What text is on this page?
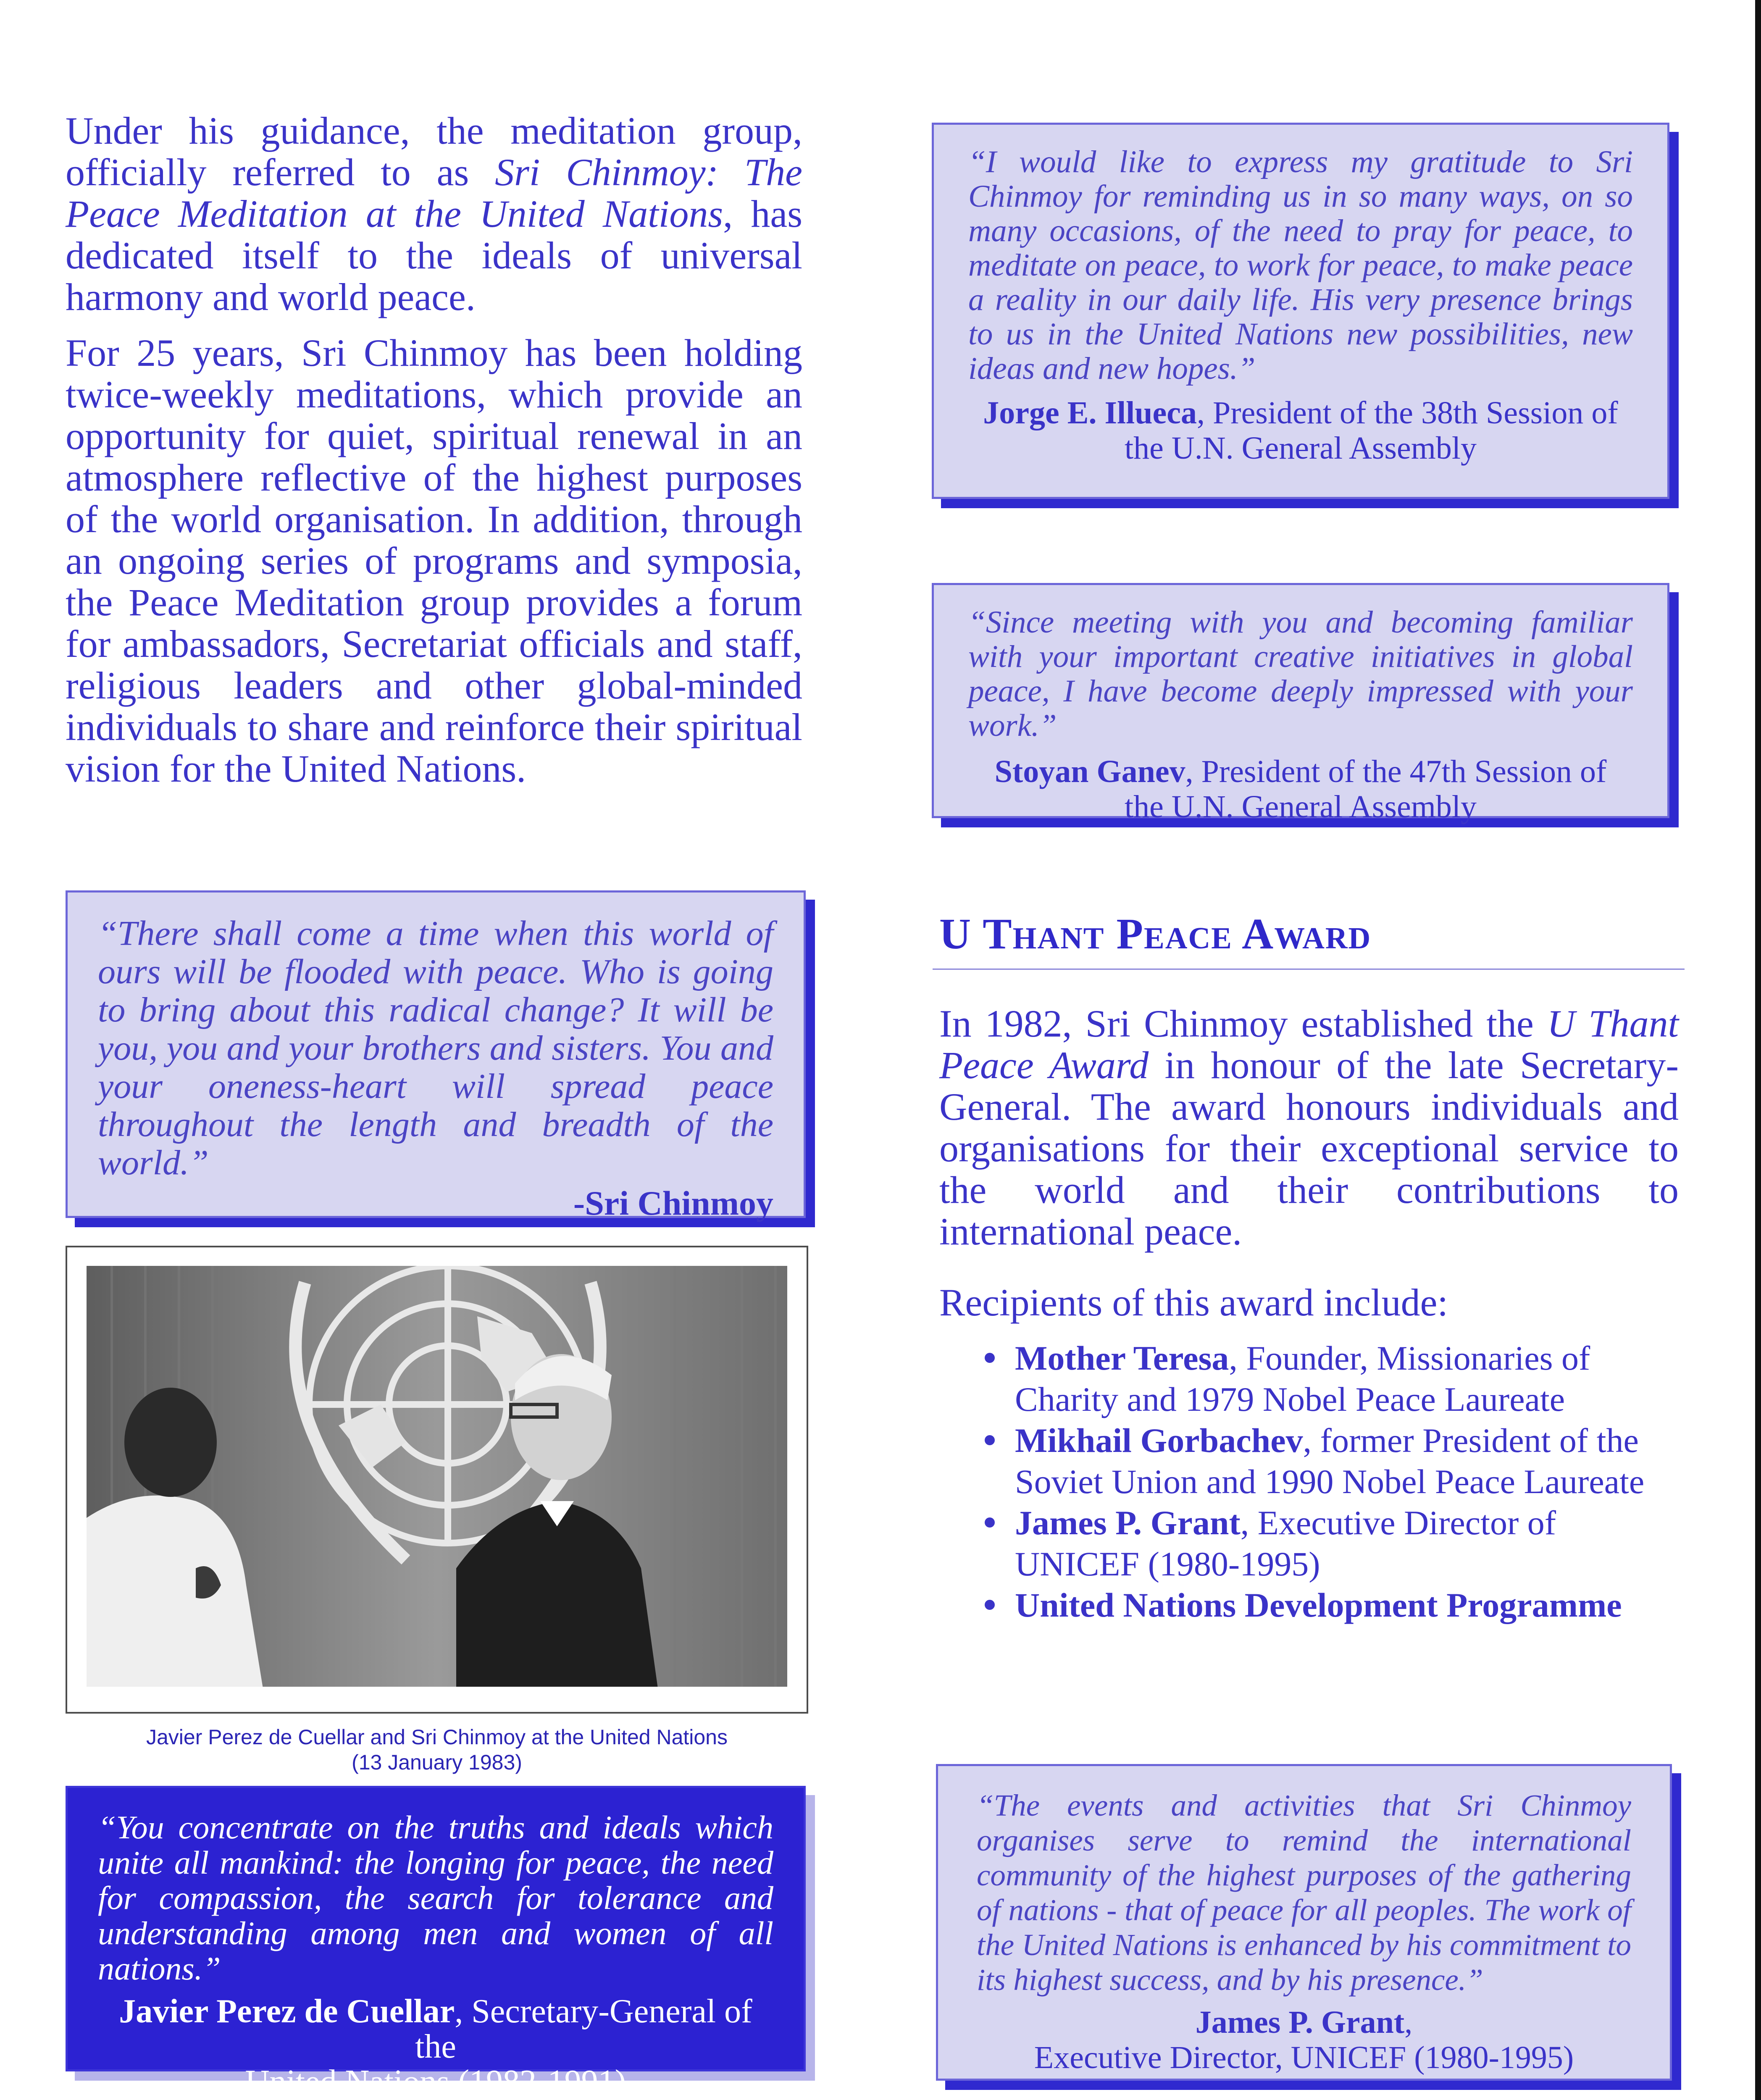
Under his guidance, the meditation group, officially referred to as Sri Chinmoy: The Peace Meditation at the United Nations, has dedicated itself to the ideals of universal harmony and world peace.

For 25 years, Sri Chinmoy has been holding twice-weekly meditations, which provide an opportunity for quiet, spiritual renewal in an atmosphere reflective of the highest purposes of the world organisation. In addition, through an ongoing series of programs and symposia, the Peace Meditation group provides a forum for ambassadors, Secretariat officials and staff, religious leaders and other global-minded individuals to share and reinforce their spiritual vision for the United Nations.

“There shall come a time when this world of ours will be flooded with peace. Who is going to bring about this radical change? It will be you, you and your brothers and sisters. You and your oneness-heart will spread peace throughout the length and breadth of the world.”

-Sri Chinmoy

Javier Perez de Cuellar and Sri Chinmoy at the United Nations
(13 January 1983)

“You concentrate on the truths and ideals which unite all mankind: the longing for peace, the need for compassion, the search for tolerance and understanding among men and women of all nations.”

Javier Perez de Cuellar, Secretary-General of the
United Nations (1982-1991)

“I would like to express my gratitude to Sri Chinmoy for reminding us in so many ways, on so many occasions, of the need to pray for peace, to meditate on peace, to work for peace, to make peace a reality in our daily life. His very presence brings to us in the United Nations new possibilities, new ideas and new hopes.”

Jorge E. Illueca, President of the 38th Session of
the U.N. General Assembly

“Since meeting with you and becoming familiar with your important creative initiatives in global peace, I have become deeply impressed with your work.”

Stoyan Ganev, President of the 47th Session of
the U.N. General Assembly

U Thant Peace Award

In 1982, Sri Chinmoy established the U Thant Peace Award in honour of the late Secretary-General. The award honours individuals and organisations for their exceptional service to the world and their contributions to international peace.

Recipients of this award include:

Mother Teresa, Founder, Missionaries of Charity and 1979 Nobel Peace Laureate
Mikhail Gorbachev, former President of the Soviet Union and 1990 Nobel Peace Laureate
James P. Grant, Executive Director of UNICEF (1980-1995)
United Nations Development Programme

“The events and activities that Sri Chinmoy organises serve to remind the international community of the highest purposes of the gathering of nations - that of peace for all peoples. The work of the United Nations is enhanced by his commitment to its highest success, and by his presence.”

James P. Grant,
Executive Director, UNICEF (1980-1995)
